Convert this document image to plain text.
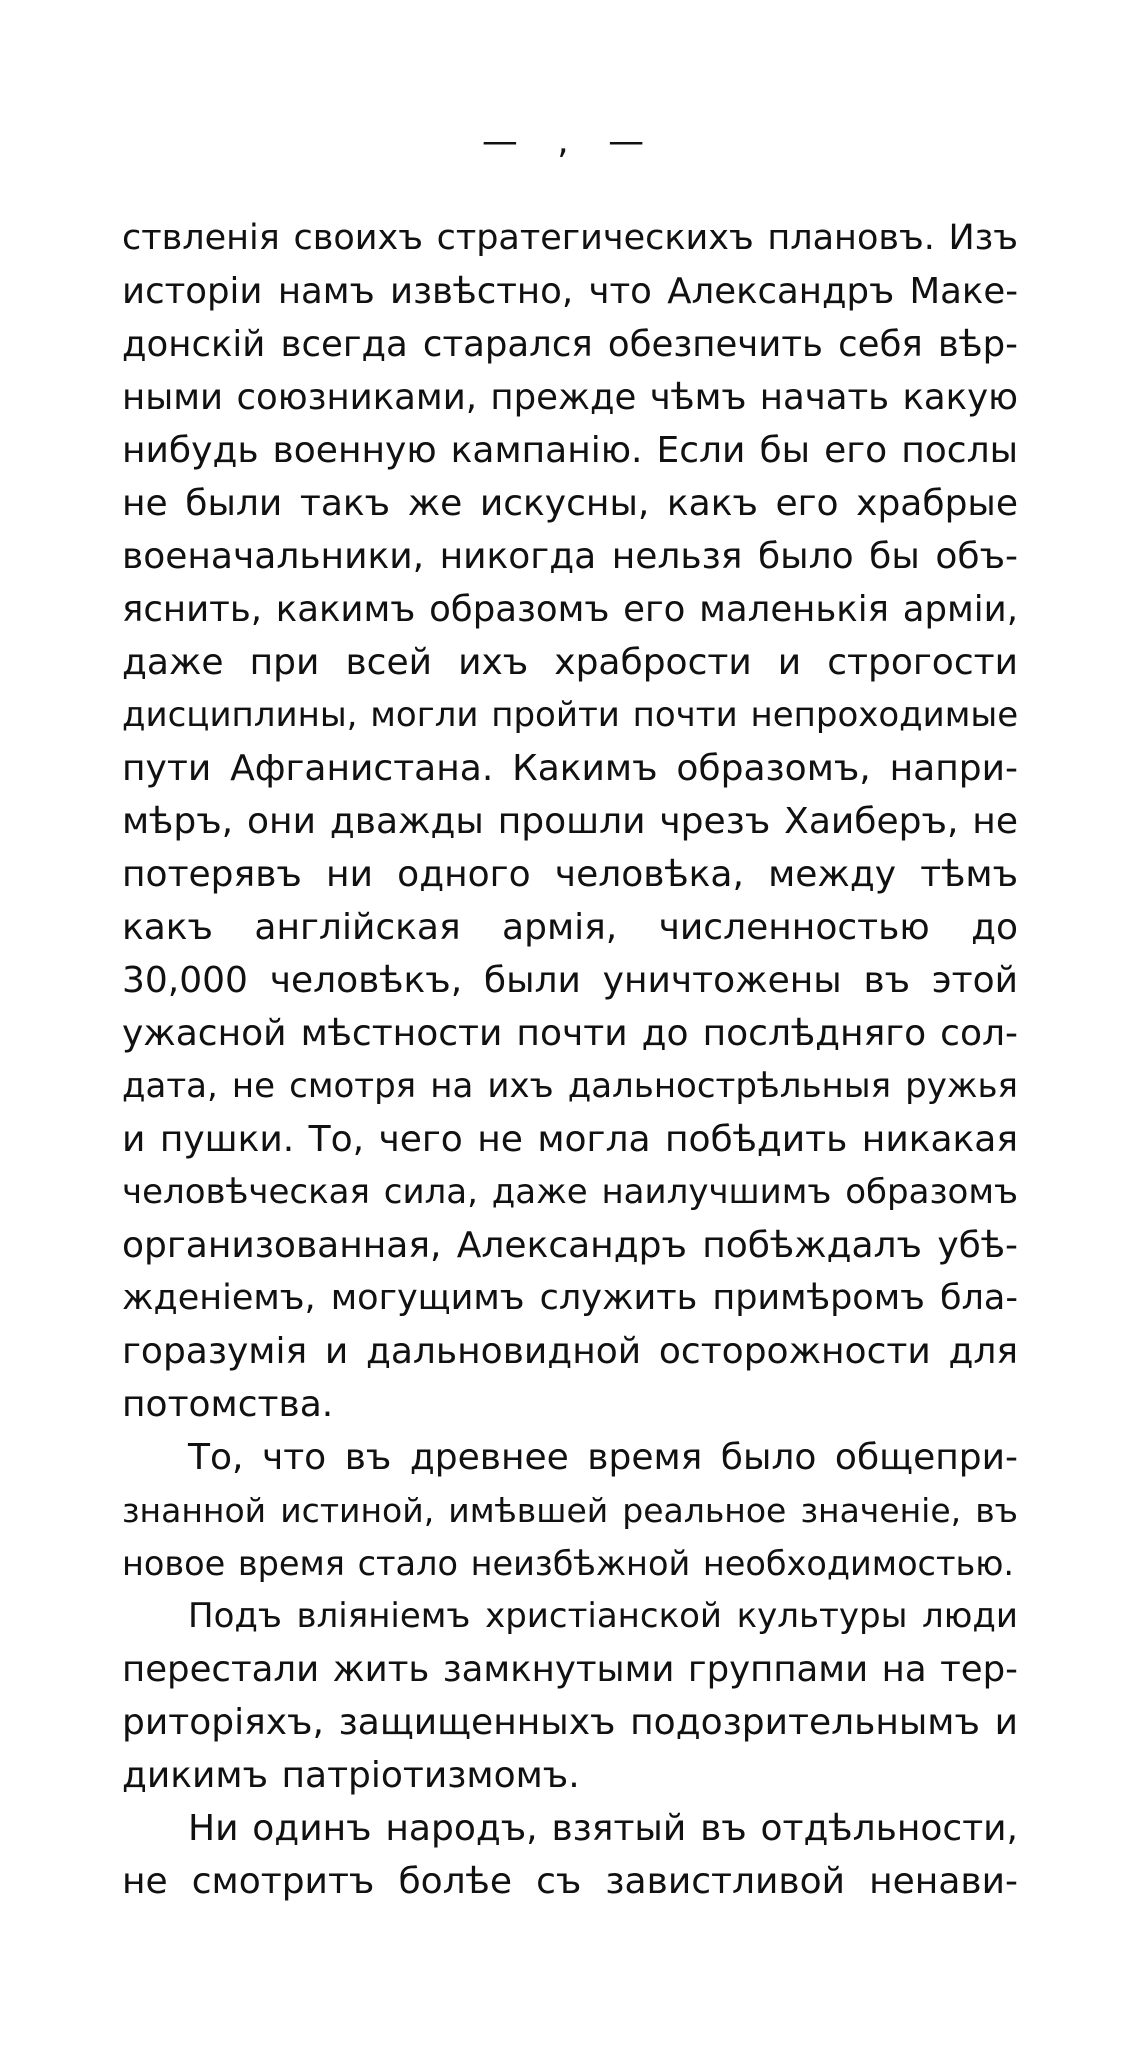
— , —
ствленія своихъ стратегическихъ плановъ. Изъ
исторіи намъ извѣстно, что Александръ Маке-
донскій всегда старался обезпечить себя вѣр-
ными союзниками, прежде чѣмъ начать какую
нибудь военную кампанію. Если бы его послы
не были такъ же искусны, какъ его храбрые
военачальники, никогда нельзя было бы объ-
яснить, какимъ образомъ его маленькія арміи,
даже при всей ихъ храбрости и строгости
дисциплины, могли пройти почти непроходимые
пути Афганистана. Какимъ образомъ, напри-
мѣръ, они дважды прошли чрезъ Хаиберъ, не
потерявъ ни одного человѣка, между тѣмъ
какъ англійская армія, численностью до
30,000 человѣкъ, были уничтожены въ этой
ужасной мѣстности почти до послѣдняго сол-
дата, не смотря на ихъ дальнострѣльныя ружья
и пушки. То, чего не могла побѣдить никакая
человѣческая сила, даже наилучшимъ образомъ
организованная, Александръ побѣждалъ убѣ-
жденіемъ, могущимъ служить примѣромъ бла-
горазумія и дальновидной осторожности для
потомства.
То, что въ древнее время было общепри-
знанной истиной, имѣвшей реальное значеніе, въ
новое время стало неизбѣжной необходимостью.
Подъ вліяніемъ христіанской культуры люди
перестали жить замкнутыми группами на тер-
риторіяхъ, защищенныхъ подозрительнымъ и
дикимъ патріотизмомъ.
Ни одинъ народъ, взятый въ отдѣльности,
не смотритъ болѣе съ завистливой ненави-
